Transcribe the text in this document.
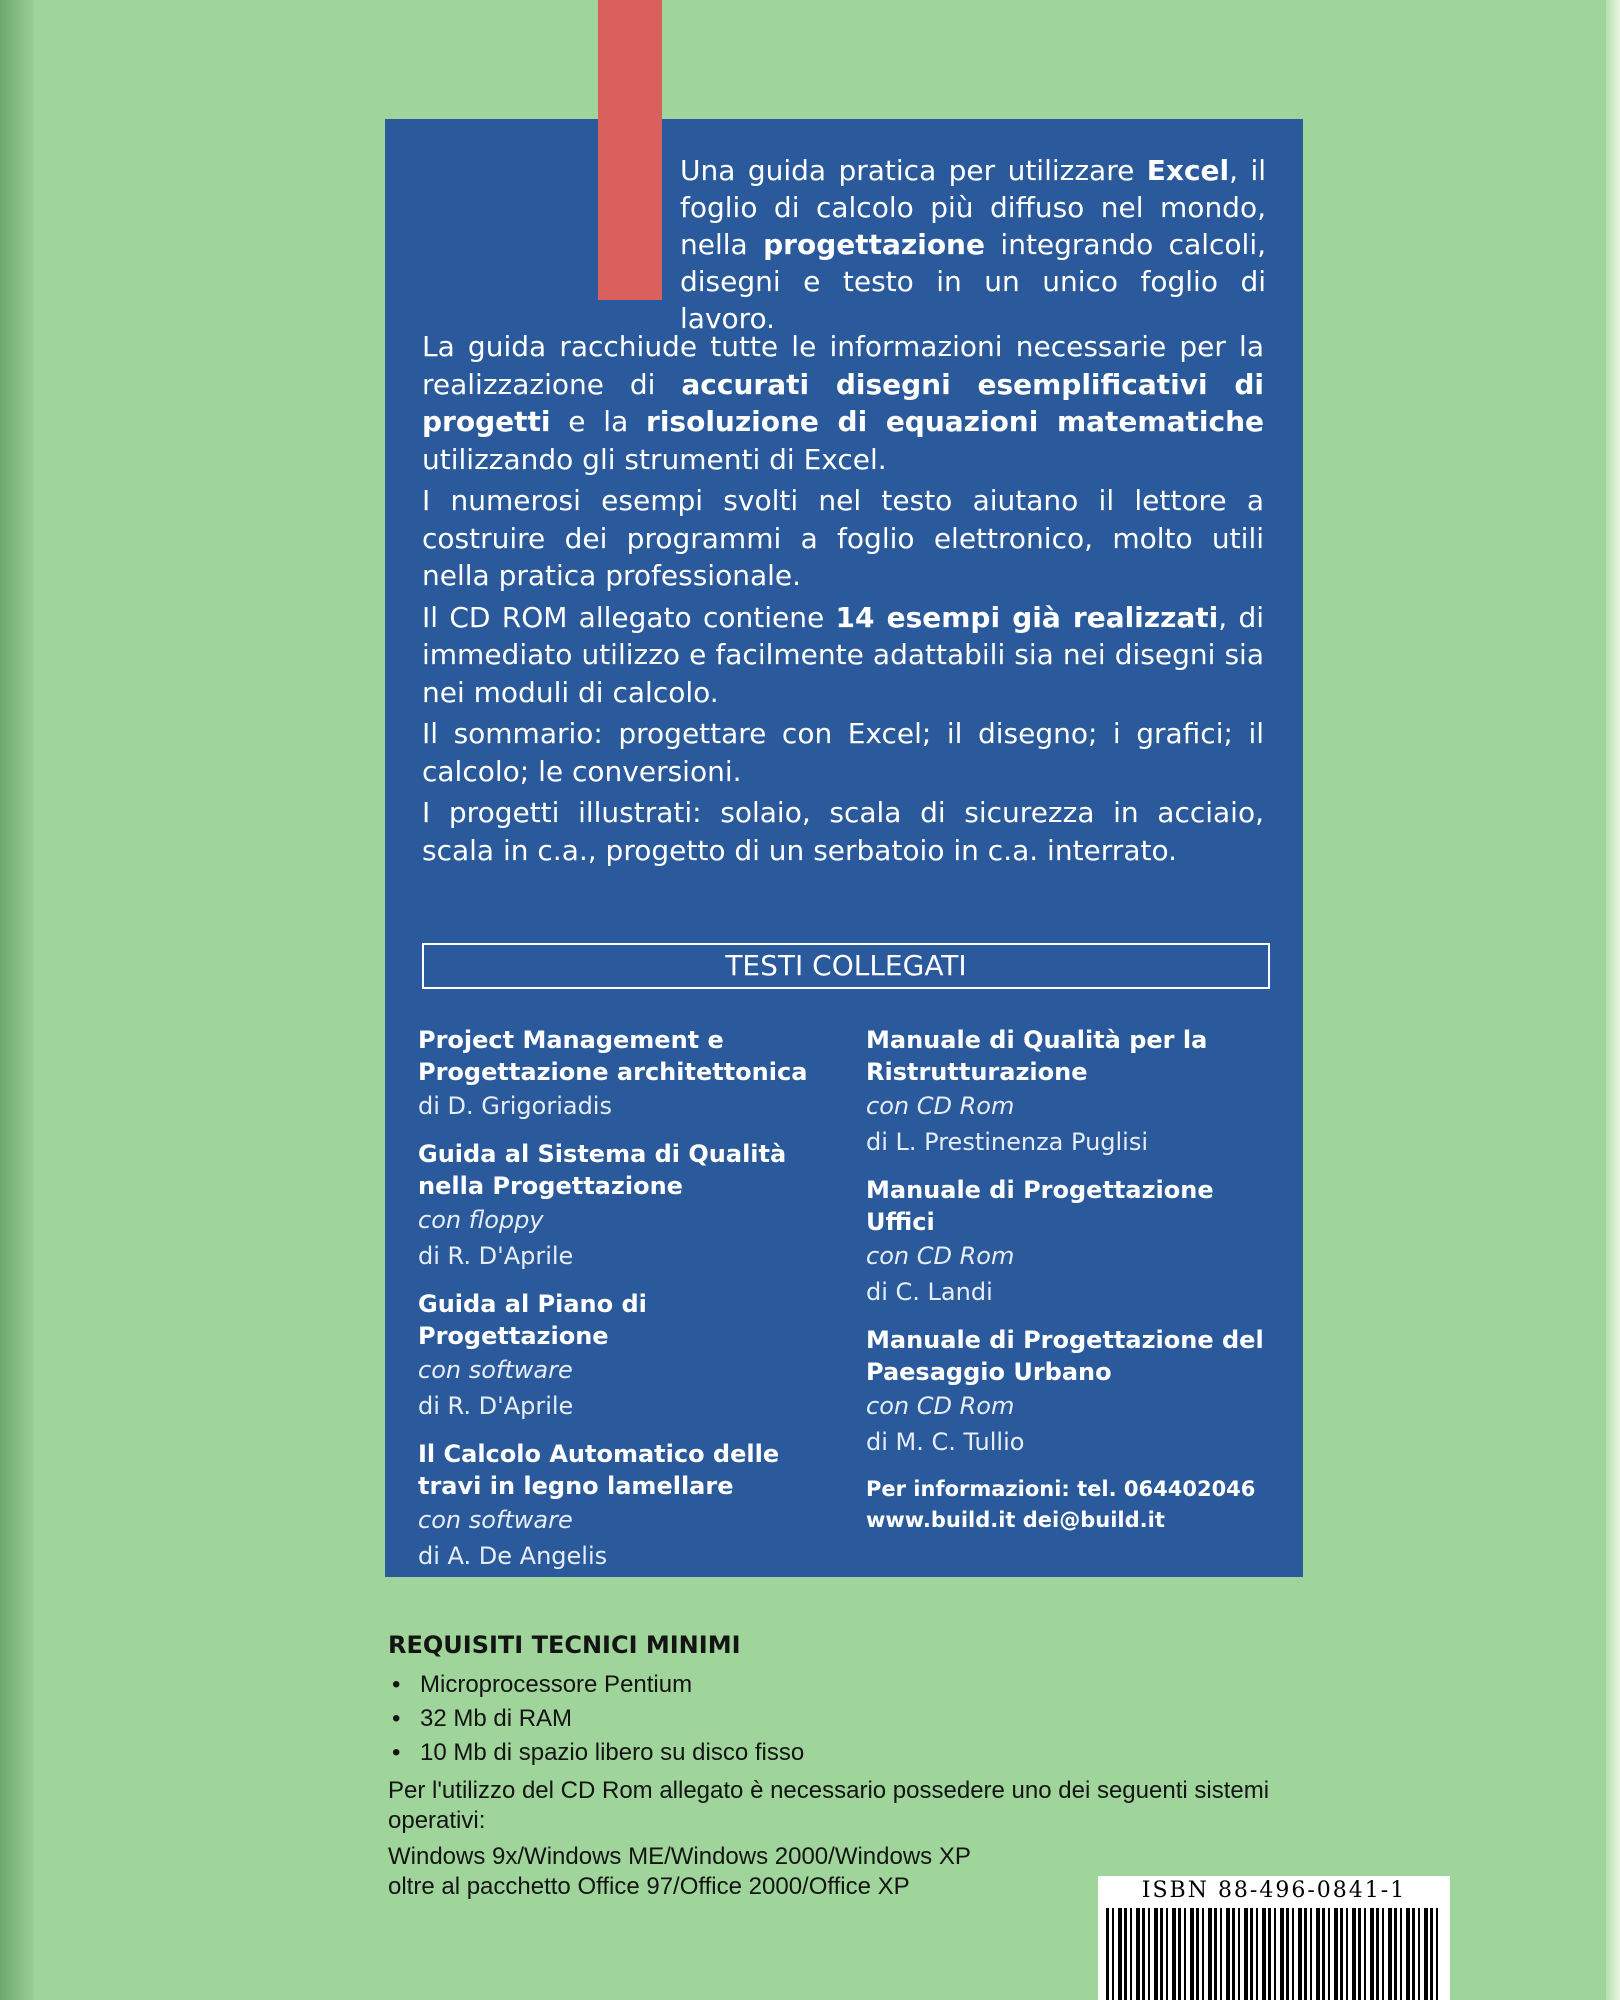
Una guida pratica per utilizzare Excel, il foglio di calcolo più diffuso nel mondo, nella progettazione integrando calcoli, disegni e testo in un unico foglio di lavoro.

La guida racchiude tutte le informazioni necessarie per la realizzazione di accurati disegni esemplificativi di progetti e la risoluzione di equazioni matematiche utilizzando gli strumenti di Excel.

I numerosi esempi svolti nel testo aiutano il lettore a costruire dei programmi a foglio elettronico, molto utili nella pratica professionale.

Il CD ROM allegato contiene 14 esempi già realizzati, di immediato utilizzo e facilmente adattabili sia nei disegni sia nei moduli di calcolo.

Il sommario: progettare con Excel; il disegno; i grafici; il calcolo; le conversioni.

I progetti illustrati: solaio, scala di sicurezza in acciaio, scala in c.a., progetto di un serbatoio in c.a. interrato.

TESTI COLLEGATI
Project Management e Progettazione architettonica
di D. Grigoriadis
Guida al Sistema di Qualità nella Progettazione
con floppy
di R. D'Aprile
Guida al Piano di Progettazione
con software
di R. D'Aprile
Il Calcolo Automatico delle travi in legno lamellare
con software
di A. De Angelis
Manuale di Qualità per la Ristrutturazione
con CD Rom
di L. Prestinenza Puglisi
Manuale di Progettazione Uffici
con CD Rom
di C. Landi
Manuale di Progettazione del Paesaggio Urbano
con CD Rom
di M. C. Tullio
Per informazioni: tel. 064402046
www.build.it dei@build.it
REQUISITI TECNICI MINIMI
• Microprocessore Pentium
• 32 Mb di RAM
• 10 Mb di spazio libero su disco fisso

Per l'utilizzo del CD Rom allegato è necessario possedere uno dei seguenti sistemi operativi:

Windows 9x/Windows ME/Windows 2000/Windows XP

oltre al pacchetto Office 97/Office 2000/Office XP	ISBN 88-496-0841-1
